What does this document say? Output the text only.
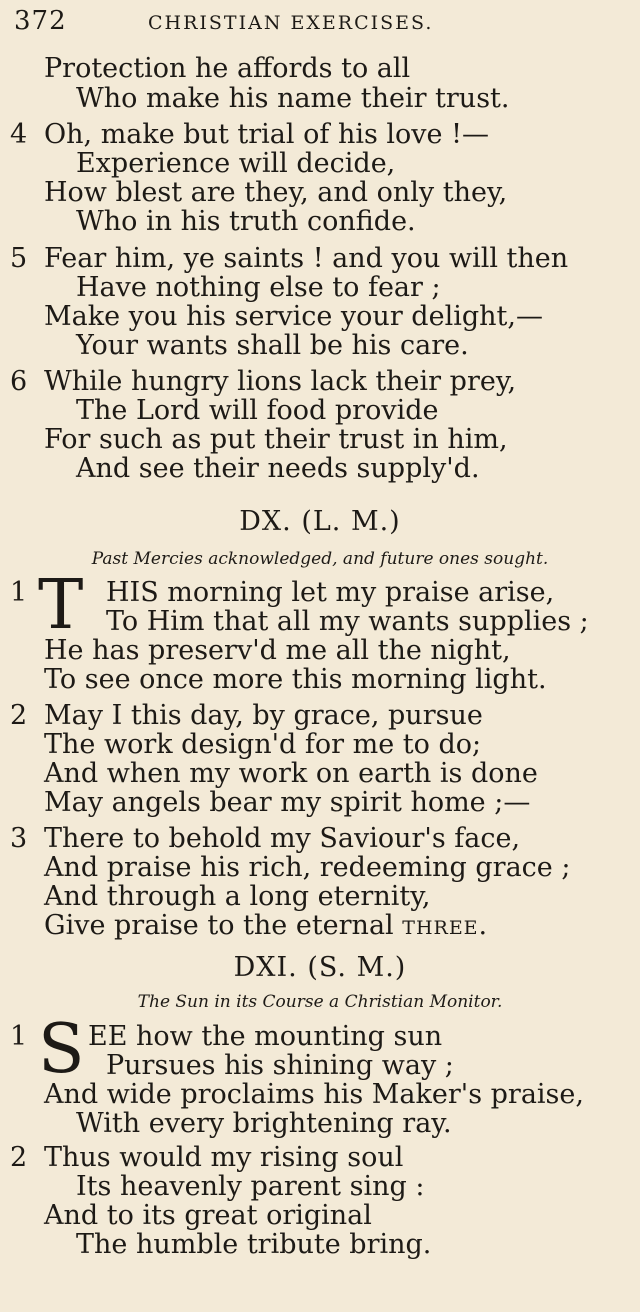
372	CHRISTIAN EXERCISES.
Protection he affords to all
Who make his name their trust.
4 Oh, make but trial of his love !—
Experience will decide,
How blest are they, and only they,
Who in his truth confide.
5 Fear him, ye saints ! and you will then
Have nothing else to fear ;
Make you his service your delight,—
Your wants shall be his care.
6 While hungry lions lack their prey,
The Lord will food provide
For such as put their trust in him,
And see their needs supply'd.
DX. (L. M.)
Past Mercies acknowledged, and future ones sought.
1 T HIS morning let my praise arise,
To Him that all my wants supplies ;
He has preserv'd me all the night,
To see once more this morning light.
2 May I this day, by grace, pursue
The work design'd for me to do;
And when my work on earth is done
May angels bear my spirit home ;—
3 There to behold my Saviour's face,
And praise his rich, redeeming grace ;
And through a long eternity,
Give praise to the eternal three.
DXI. (S. M.)
The Sun in its Course a Christian Monitor.
1 S EE how the mounting sun
Pursues his shining way ;
And wide proclaims his Maker's praise,
With every brightening ray.
2 Thus would my rising soul
Its heavenly parent sing :
And to its great original
The humble tribute bring.
